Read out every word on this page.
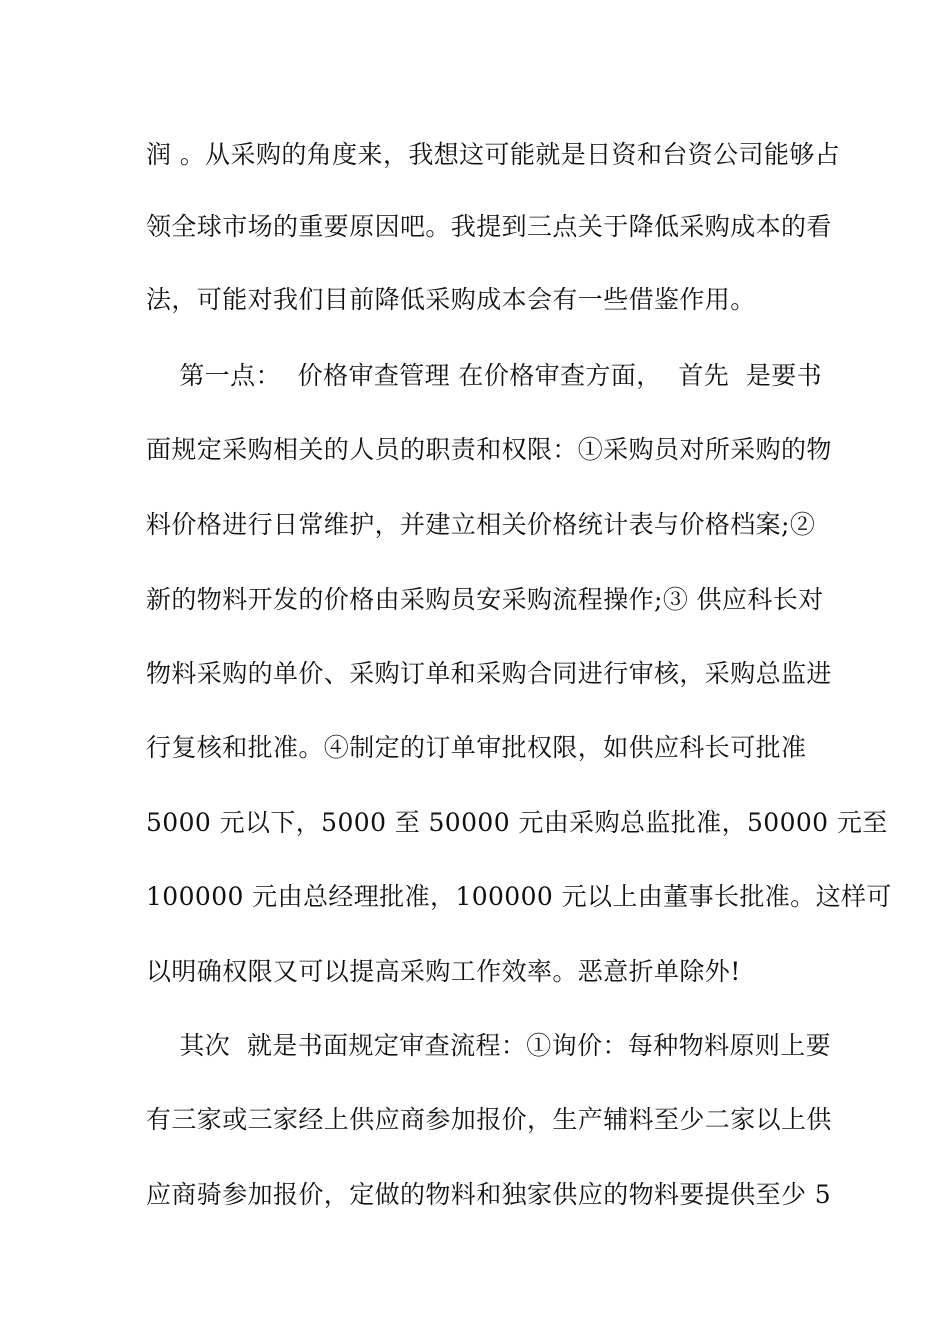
润 。从采购的角度来，我想这可能就是日资和台资公司能够占
领全球市场的重要原因吧。我提到三点关于降低采购成本的看
法，可能对我们目前降低采购成本会有一些借鉴作用。
第一点：  价格审查管理 在价格审查方面，  首先  是要书
面规定采购相关的人员的职责和权限：①采购员对所采购的物
料价格进行日常维护，并建立相关价格统计表与价格档案;②
新的物料开发的价格由采购员安采购流程操作;③ 供应科长对
物料采购的单价、采购订单和采购合同进行审核，采购总监进
行复核和批准。④制定的订单审批权限，如供应科长可批准
5000 元以下，5000 至 50000 元由采购总监批准，50000 元至
100000 元由总经理批准，100000 元以上由董事长批准。这样可
以明确权限又可以提高采购工作效率。恶意折单除外!
其次  就是书面规定审查流程：①询价：每种物料原则上要
有三家或三家经上供应商参加报价，生产辅料至少二家以上供
应商骑参加报价，定做的物料和独家供应的物料要提供至少 5
